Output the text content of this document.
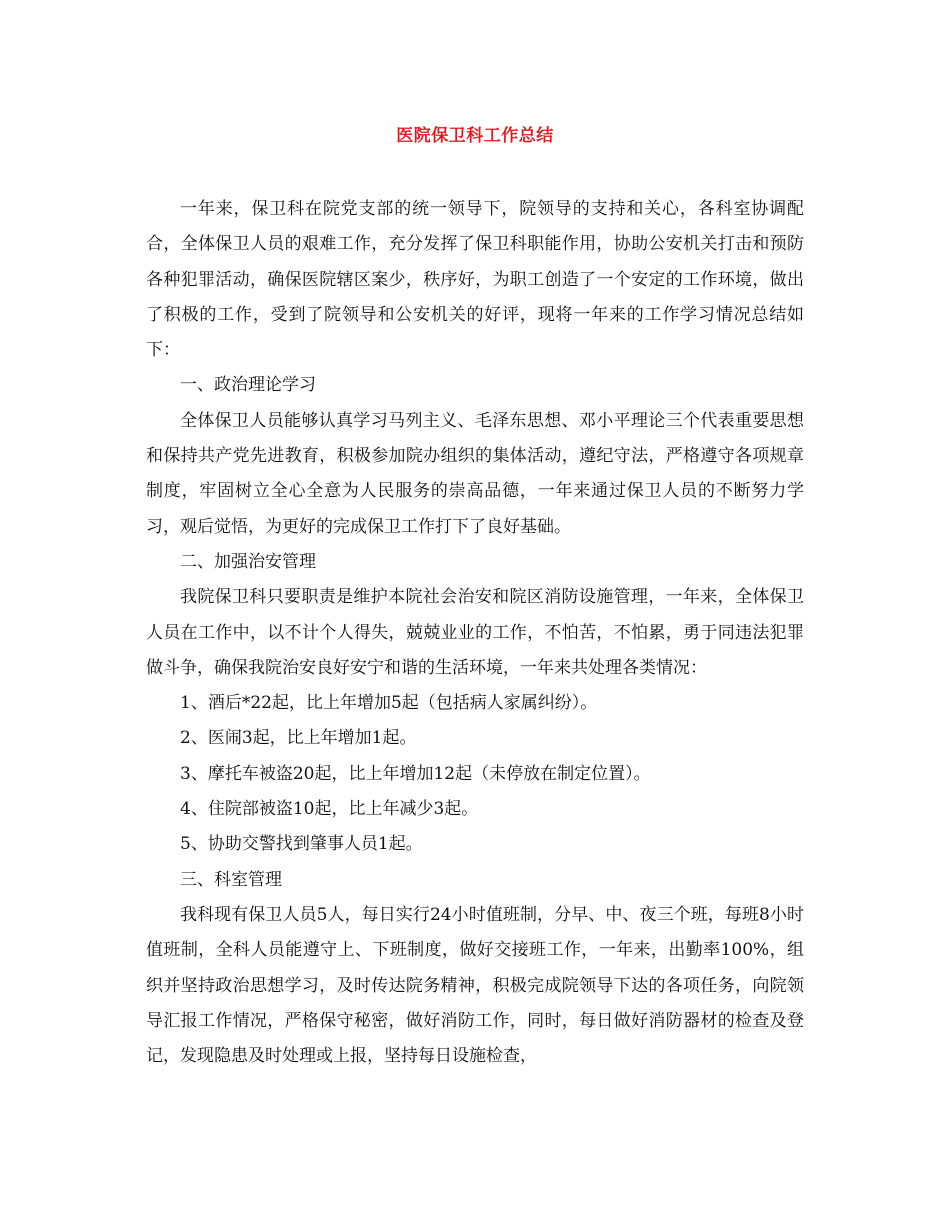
医院保卫科工作总结

一年来，保卫科在院党支部的统一领导下，院领导的支持和关心，各科室协调配合，全体保卫人员的艰难工作，充分发挥了保卫科职能作用，协助公安机关打击和预防各种犯罪活动，确保医院辖区案少，秩序好，为职工创造了一个安定的工作环境，做出了积极的工作，受到了院领导和公安机关的好评，现将一年来的工作学习情况总结如下：

一、政治理论学习

全体保卫人员能够认真学习马列主义、毛泽东思想、邓小平理论三个代表重要思想和保持共产党先进教育，积极参加院办组织的集体活动，遵纪守法，严格遵守各项规章制度，牢固树立全心全意为人民服务的崇高品德，一年来通过保卫人员的不断努力学习，观后觉悟，为更好的完成保卫工作打下了良好基础。

二、加强治安管理

我院保卫科只要职责是维护本院社会治安和院区消防设施管理，一年来，全体保卫人员在工作中，以不计个人得失，兢兢业业的工作，不怕苦，不怕累，勇于同违法犯罪做斗争，确保我院治安良好安宁和谐的生活环境，一年来共处理各类情况：

1、酒后*22起，比上年增加5起（包括病人家属纠纷）。

2、医闹3起，比上年增加1起。

3、摩托车被盗20起，比上年增加12起（未停放在制定位置）。

4、住院部被盗10起，比上年减少3起。

5、协助交警找到肇事人员1起。

三、科室管理

我科现有保卫人员5人，每日实行24小时值班制，分早、中、夜三个班，每班8小时值班制，全科人员能遵守上、下班制度，做好交接班工作，一年来，出勤率100%，组织并坚持政治思想学习，及时传达院务精神，积极完成院领导下达的各项任务，向院领导汇报工作情况，严格保守秘密，做好消防工作，同时，每日做好消防器材的检查及登记，发现隐患及时处理或上报，坚持每日设施检查，
